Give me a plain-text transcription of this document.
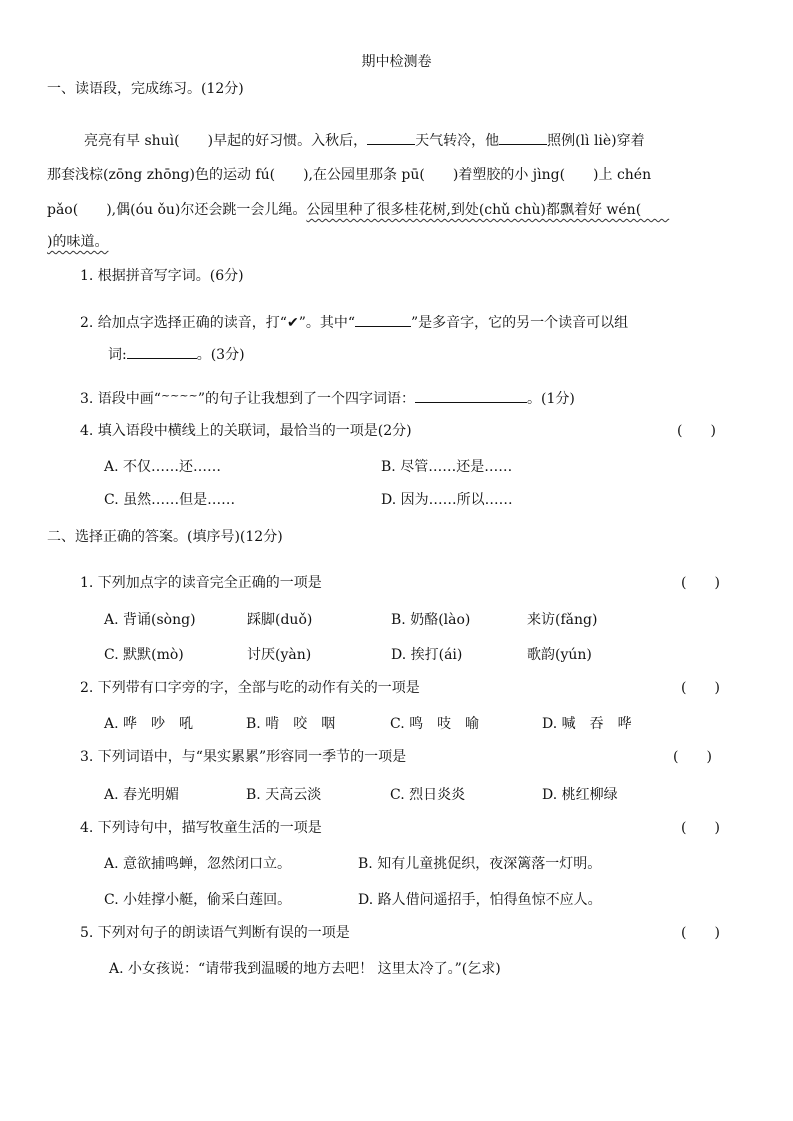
期中检测卷
一、读语段，完成练习。(12分)
亮亮有早 shuì(　　)早起的好习惯。入秋后，	天气转冷，他	照例(lì liè)穿着
那套浅棕(zōng zhōng)色的运动 fú(　　),在公园里那条 pū(　　)着塑胶的小 jìng(　　)上 chén
pǎo(　　),偶(óu ǒu)尔还会跳一会儿绳。公园里种了很多桂花树,到处(chǔ chù)都飘着好 wén(　　
)的味道。
1. 根据拼音写字词。(6分)
2. 给加点字选择正确的读音，打“✔”。其中“	”是多音字，它的另一个读音可以组
词:	。(3分)
3. 语段中画“~~~~”的句子让我想到了一个四字词语：	。(1分)
4. 填入语段中横线上的关联词，最恰当的一项是(2分)	(　　)
A. 不仅……还……	B. 尽管……还是……
C. 虽然……但是……	D. 因为……所以……
二、选择正确的答案。(填序号)(12分)
1. 下列加点字的读音完全正确的一项是	(　　)
A. 背诵(sòng)	踩脚(duǒ)	B. 奶酪(lào)	来访(fǎng)
C. 默默(mò)	讨厌(yàn)	D. 挨打(ái)	歌韵(yún)
2. 下列带有口字旁的字，全部与吃的动作有关的一项是	(　　)
A. 哗　吵　吼	B. 啃　咬　咽	C. 鸣　吱　喻	D. 喊　吞　哗
3. 下列词语中，与“果实累累”形容同一季节的一项是	(　　)
A. 春光明媚	B. 天高云淡	C. 烈日炎炎	D. 桃红柳绿
4. 下列诗句中，描写牧童生活的一项是	(　　)
A. 意欲捕鸣蝉，忽然闭口立。	B. 知有儿童挑促织，夜深篱落一灯明。
C. 小娃撑小艇，偷采白莲回。	D. 路人借问遥招手，怕得鱼惊不应人。
5. 下列对句子的朗读语气判断有误的一项是	(　　)
A. 小女孩说：“请带我到温暖的地方去吧！ 这里太冷了。”(乞求)
